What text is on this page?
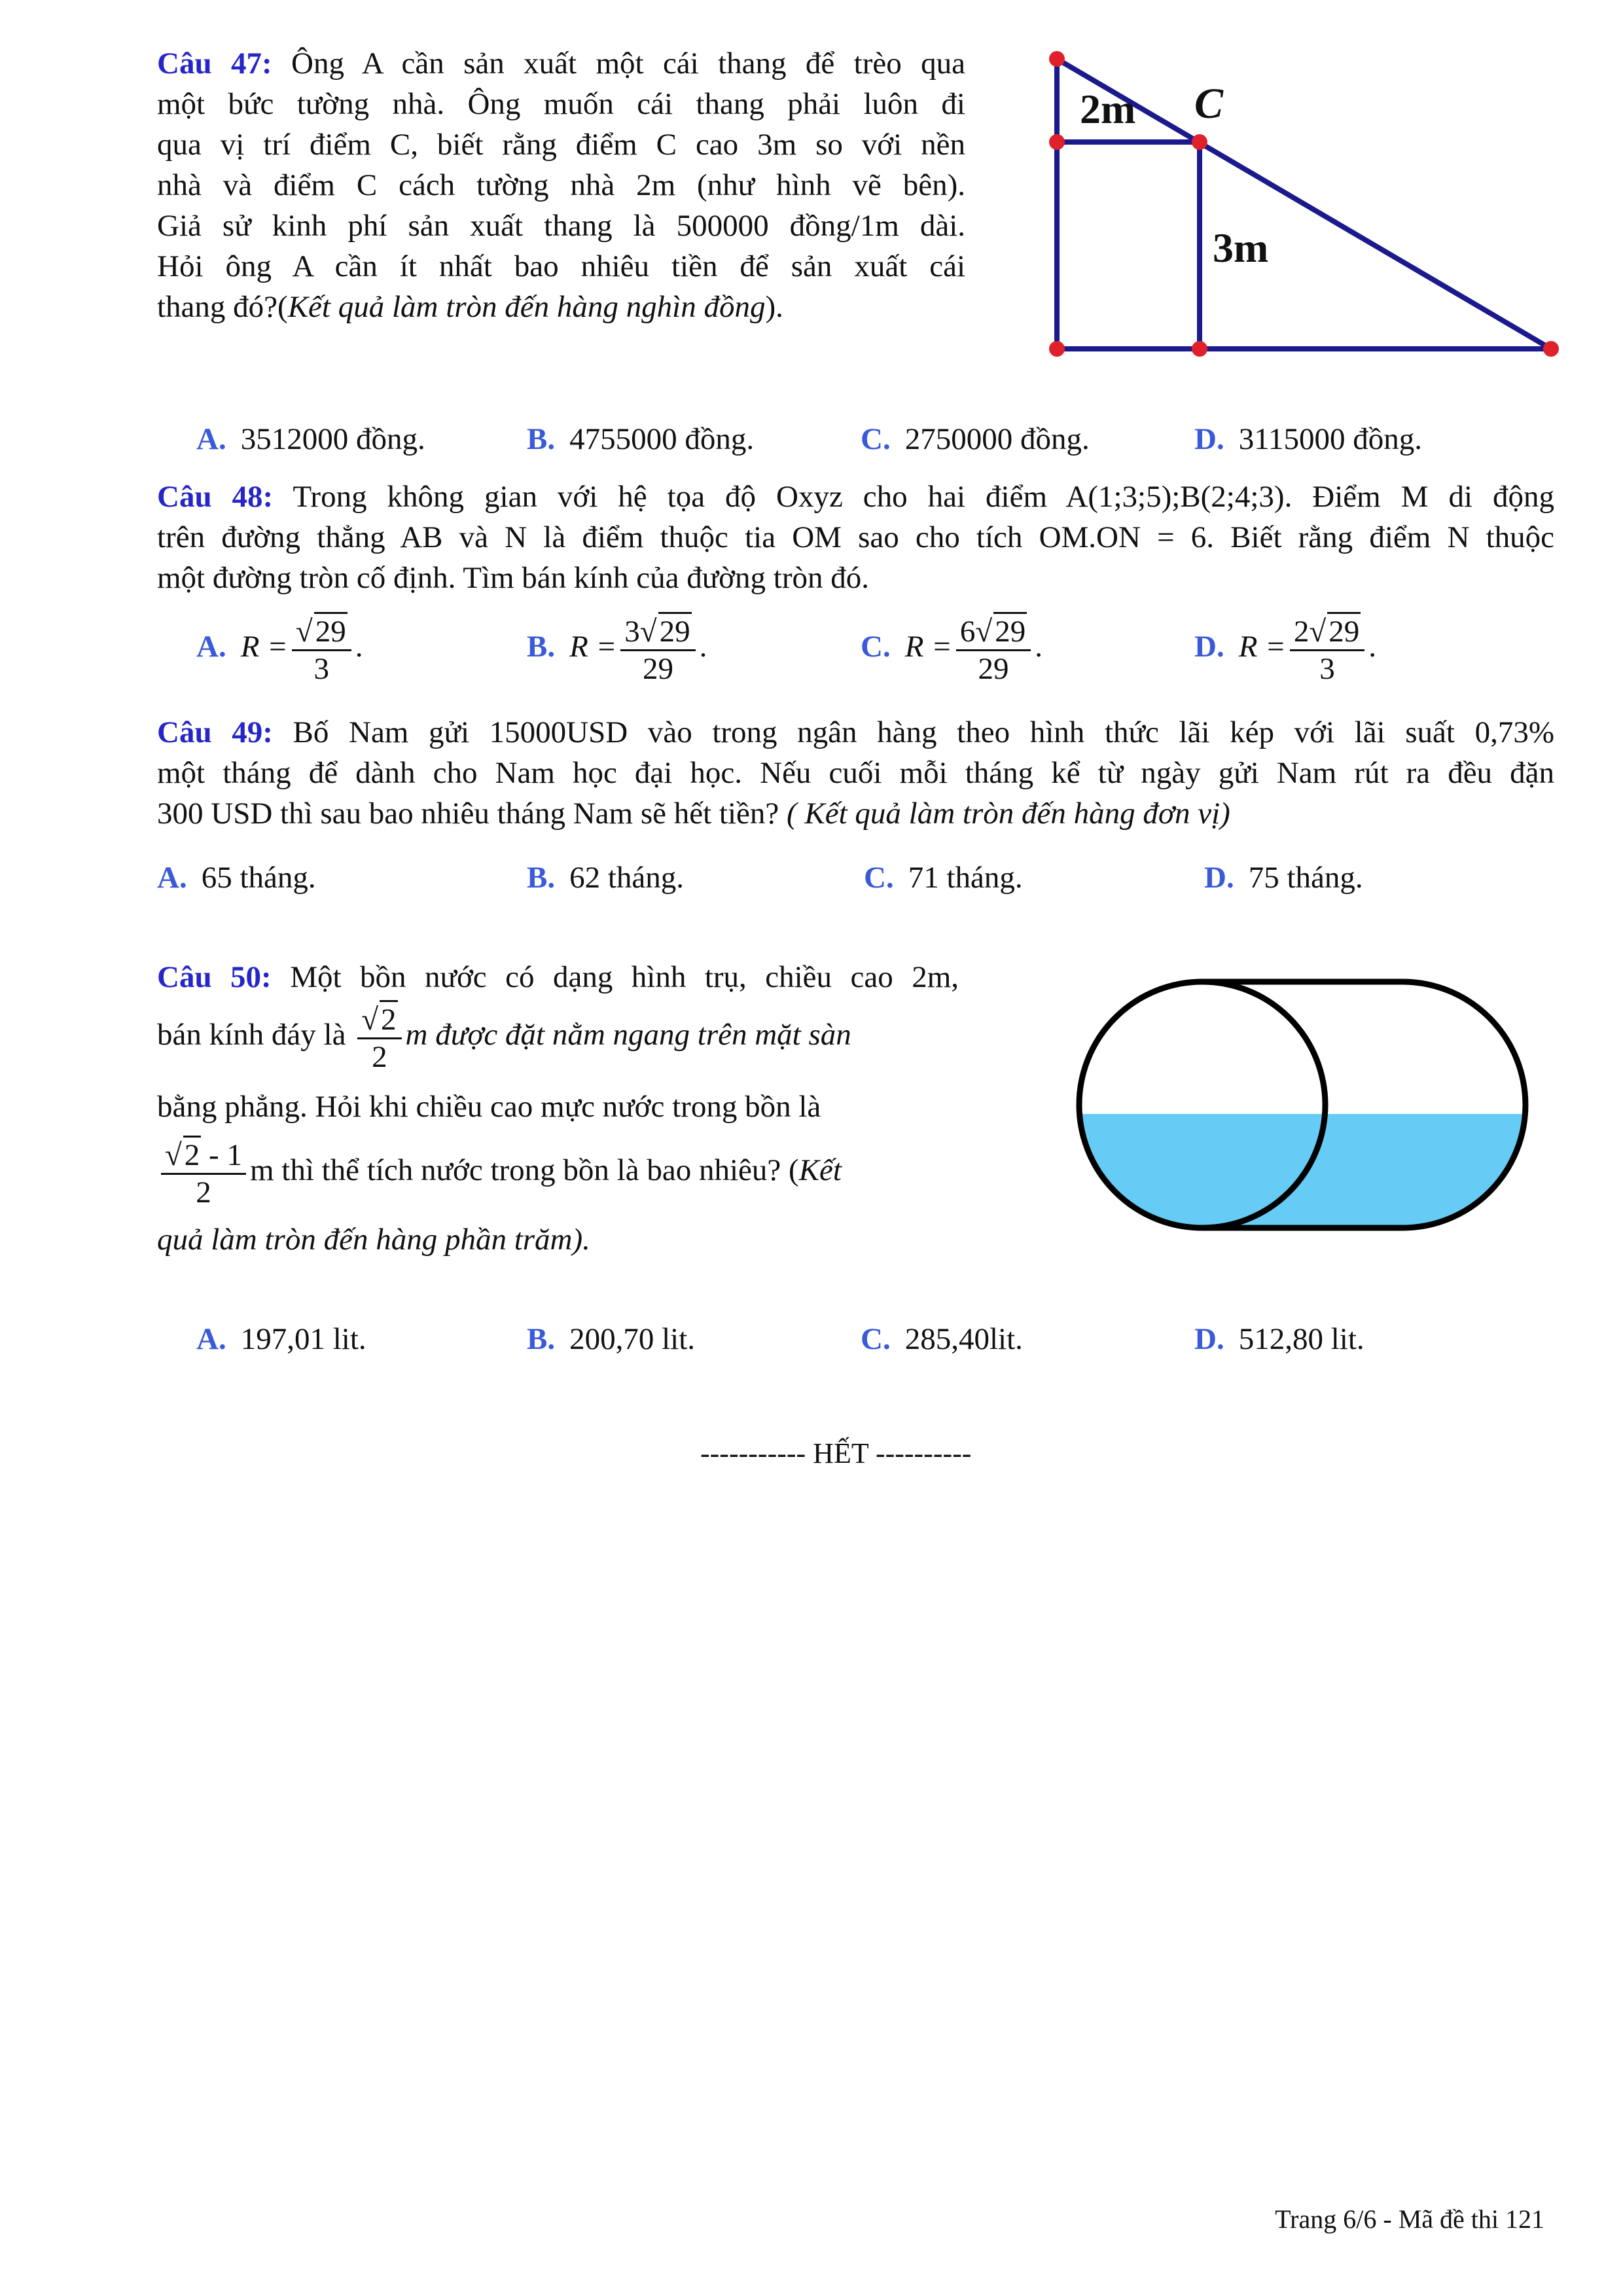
Câu 47: Ông A cần sản xuất một cái thang để trèo qua
một bức tường nhà. Ông muốn cái thang phải luôn đi
qua vị trí điểm C, biết rằng điểm C cao 3m so với nền
nhà và điểm C cách tường nhà 2m (như hình vẽ bên).
Giả sử kinh phí sản xuất thang là 500000 đồng/1m dài.
Hỏi ông A cần ít nhất bao nhiêu tiền để sản xuất cái
thang đó?(Kết quả làm tròn đến hàng nghìn đồng).
2m C
3m
A. 3512000 đồng.	B. 4755000 đồng.	C. 2750000 đồng.	D. 3115000 đồng.
Câu 48: Trong không gian với hệ tọa độ Oxyz cho hai điểm A(1;3;5);B(2;4;3). Điểm M di động
trên đường thẳng AB và N là điểm thuộc tia OM sao cho tích OM.ON = 6. Biết rằng điểm N thuộc
một đường tròn cố định. Tìm bán kính của đường tròn đó.
A. $R = \frac{√29}{3}$ .	B. $R = \frac{3√29}{29}$ .	C. $R = \frac{6√29}{29}$ .	D. $R = \frac{2√29}{3}$ .
Câu 49: Bố Nam gửi 15000USD vào trong ngân hàng theo hình thức lãi kép với lãi suất 0,73%
một tháng để dành cho Nam học đại học. Nếu cuối mỗi tháng kể từ ngày gửi Nam rút ra đều đặn
300 USD thì sau bao nhiêu tháng Nam sẽ hết tiền? ( Kết quả làm tròn đến hàng đơn vị)
A. 65 tháng.	B. 62 tháng.	C. 71 tháng.	D. 75 tháng.
Câu 50: Một bồn nước có dạng hình trụ, chiều cao 2m,
bán kính đáy là $\frac{√2}{2}$ m được đặt nằm ngang trên mặt sàn
bằng phẳng. Hỏi khi chiều cao mực nước trong bồn là
$\frac{√2 - 1}{2}$ m thì thể tích nước trong bồn là bao nhiêu? (Kết
quả làm tròn đến hàng phần trăm).
A. 197,01 lit.	B. 200,70 lit.	C. 285,40lit.	D. 512,80 lit.
----------- HẾT ----------
Trang 6/6 - Mã đề thi 121
